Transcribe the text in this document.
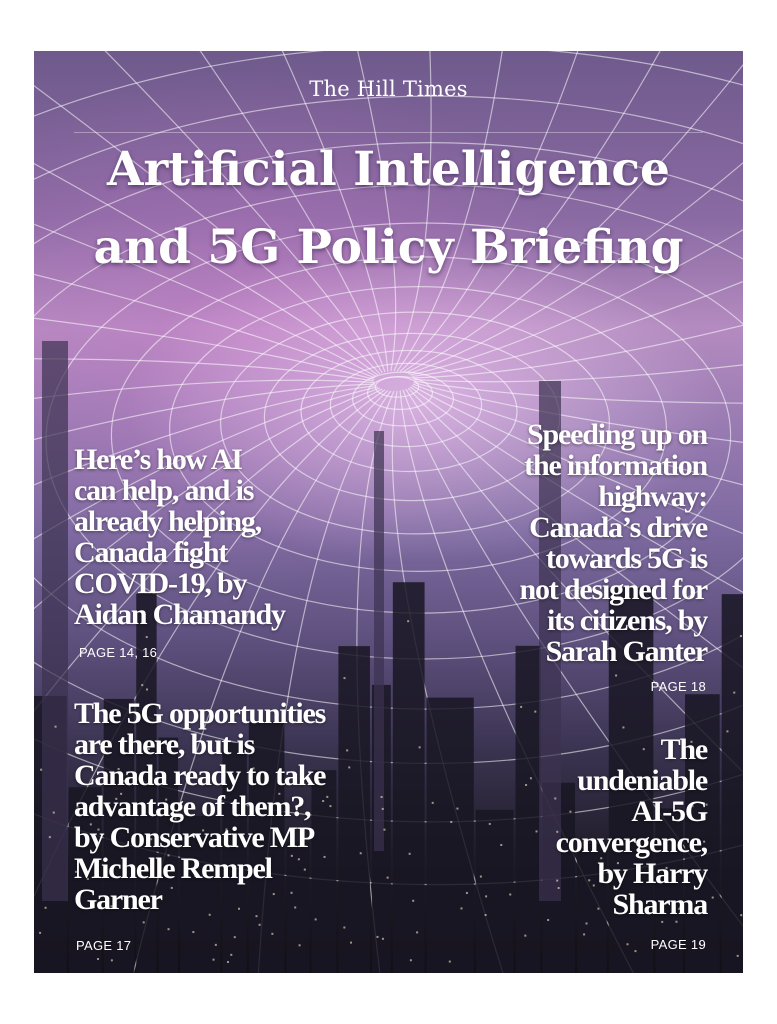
The Hill Times
Artificial Intelligence
and 5G Policy Briefing
Here’s how AI
can help, and is
already helping,
Canada fight
COVID-19, by
Aidan Chamandy
PAGE 14, 16
Speeding up on
the information
highway:
Canada’s drive
towards 5G is
not designed for
its citizens, by
Sarah Ganter
PAGE 18
The 5G opportunities
are there, but is
Canada ready to take
advantage of them?,
by Conservative MP
Michelle Rempel
Garner
PAGE 17
The
undeniable
AI-5G
convergence,
by Harry
Sharma
PAGE 19
